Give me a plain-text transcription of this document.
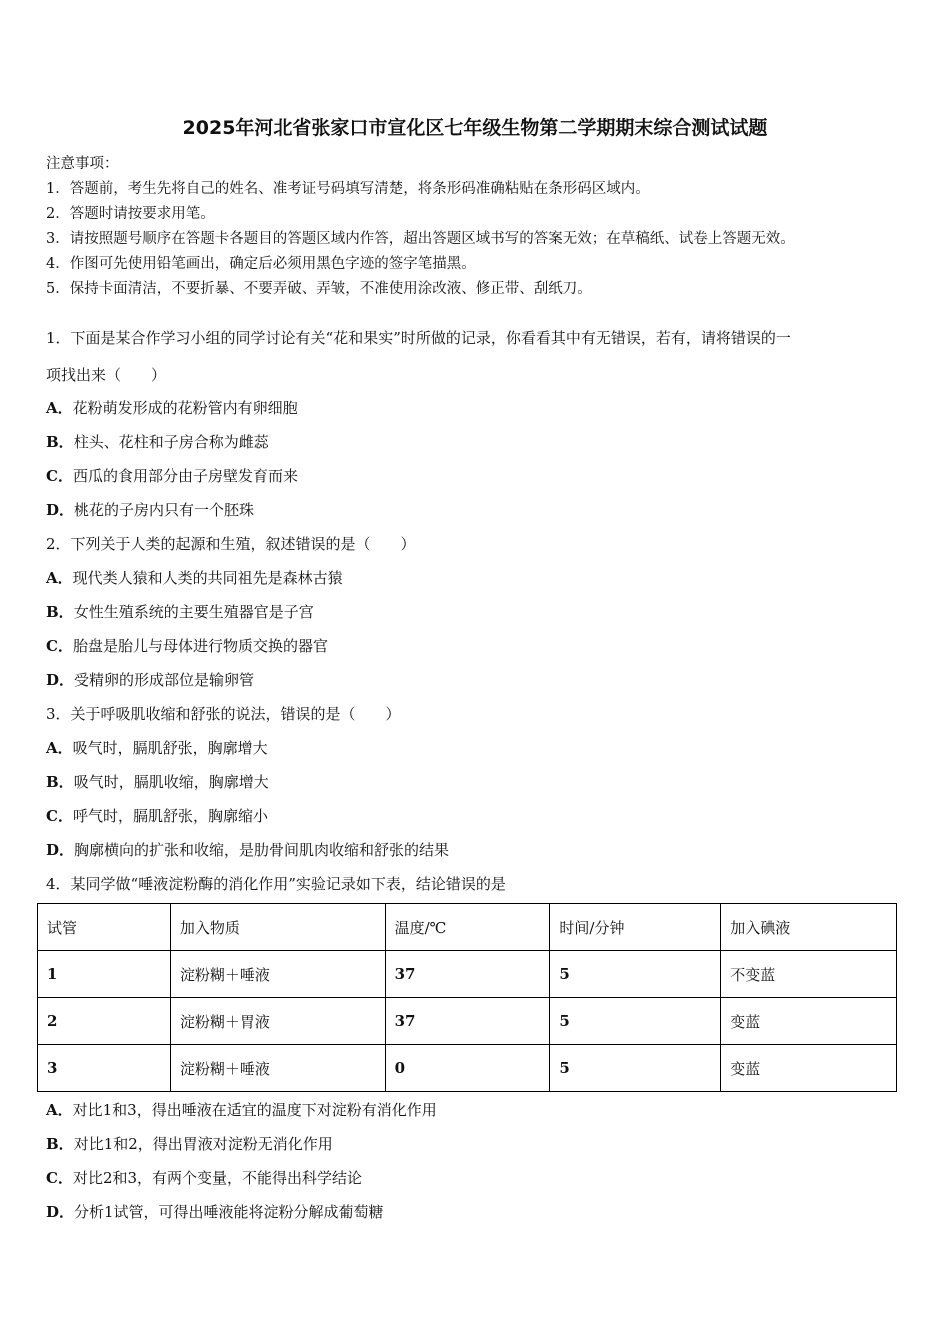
2025年河北省张家口市宣化区七年级生物第二学期期末综合测试试题
注意事项：
1．答题前，考生先将自己的姓名、准考证号码填写清楚，将条形码准确粘贴在条形码区域内。
2．答题时请按要求用笔。
3．请按照题号顺序在答题卡各题目的答题区域内作答，超出答题区域书写的答案无效；在草稿纸、试卷上答题无效。
4．作图可先使用铅笔画出，确定后必须用黑色字迹的签字笔描黑。
5．保持卡面清洁，不要折暴、不要弄破、弄皱，不准使用涂改液、修正带、刮纸刀。
1．下面是某合作学习小组的同学讨论有关“花和果实”时所做的记录，你看看其中有无错误，若有，请将错误的一
项找出来（　　）
A．花粉萌发形成的花粉管内有卵细胞
B．柱头、花柱和子房合称为雌蕊
C．西瓜的食用部分由子房壁发育而来
D．桃花的子房内只有一个胚珠
2．下列关于人类的起源和生殖，叙述错误的是（　　）
A．现代类人猿和人类的共同祖先是森林古猿
B．女性生殖系统的主要生殖器官是子宫
C．胎盘是胎儿与母体进行物质交换的器官
D．受精卵的形成部位是输卵管
3．关于呼吸肌收缩和舒张的说法，错误的是（　　）
A．吸气时，膈肌舒张，胸廓增大
B．吸气时，膈肌收缩，胸廓增大
C．呼气时，膈肌舒张，胸廓缩小
D．胸廓横向的扩张和收缩，是肋骨间肌肉收缩和舒张的结果
4．某同学做“唾液淀粉酶的消化作用”实验记录如下表，结论错误的是
试管	加入物质	温度/℃	时间/分钟	加入碘液
1	淀粉糊＋唾液	37	5	不变蓝
2	淀粉糊＋胃液	37	5	变蓝
3	淀粉糊＋唾液	0	5	变蓝
A．对比1和3，得出唾液在适宜的温度下对淀粉有消化作用
B．对比1和2，得出胃液对淀粉无消化作用
C．对比2和3，有两个变量，不能得出科学结论
D．分析1试管，可得出唾液能将淀粉分解成葡萄糖
